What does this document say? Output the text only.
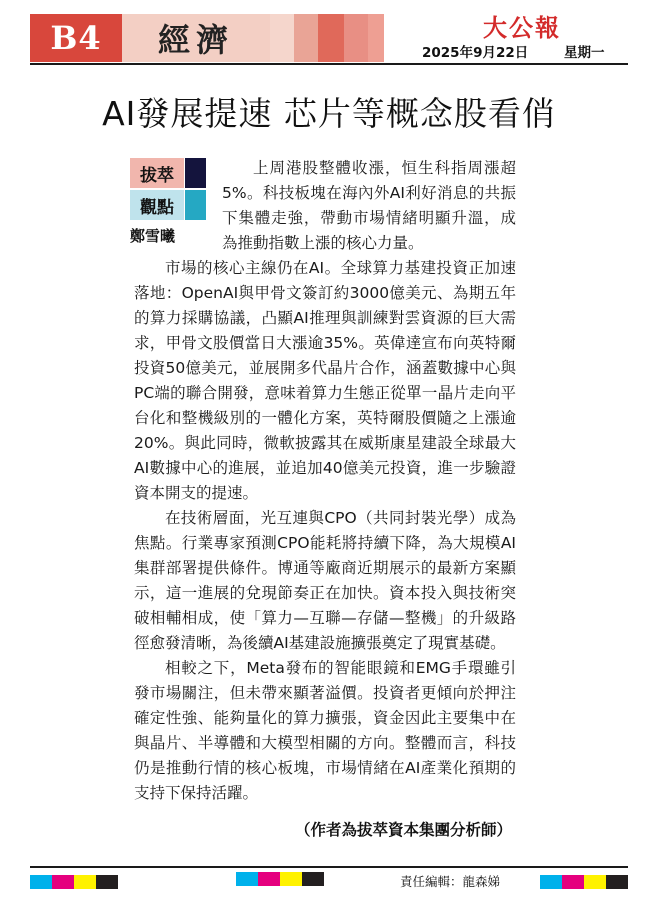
B4	經濟	大公報
2025年9月22日	星期一
AI發展提速 芯片等概念股看俏
拔萃
觀點
鄭雪曦

上周港股整體收漲，恒生科指周漲超5%。科技板塊在海內外AI利好消息的共振下集體走強，帶動市場情緒明顯升溫，成為推動指數上漲的核心力量。

市場的核心主線仍在AI。全球算力基建投資正加速落地：OpenAI與甲骨文簽訂約3000億美元、為期五年的算力採購協議，凸顯AI推理與訓練對雲資源的巨大需求，甲骨文股價當日大漲逾35%。英偉達宣布向英特爾投資50億美元，並展開多代晶片合作，涵蓋數據中心與PC端的聯合開發，意味着算力生態正從單一晶片走向平台化和整機級別的一體化方案，英特爾股價隨之上漲逾20%。與此同時，微軟披露其在威斯康星建設全球最大AI數據中心的進展，並追加40億美元投資，進一步驗證資本開支的提速。

在技術層面，光互連與CPO（共同封裝光學）成為焦點。行業專家預測CPO能耗將持續下降，為大規模AI集群部署提供條件。博通等廠商近期展示的最新方案顯示，這一進展的兌現節奏正在加快。資本投入與技術突破相輔相成，使「算力—互聯—存儲—整機」的升級路徑愈發清晰，為後續AI基建設施擴張奠定了現實基礎。

相較之下，Meta發布的智能眼鏡和EMG手環雖引發市場關注，但未帶來顯著溢價。投資者更傾向於押注確定性強、能夠量化的算力擴張，資金因此主要集中在與晶片、半導體和大模型相關的方向。整體而言，科技仍是推動行情的核心板塊，市場情緒在AI產業化預期的支持下保持活躍。

（作者為拔萃資本集團分析師）
責任編輯：龍森娣
